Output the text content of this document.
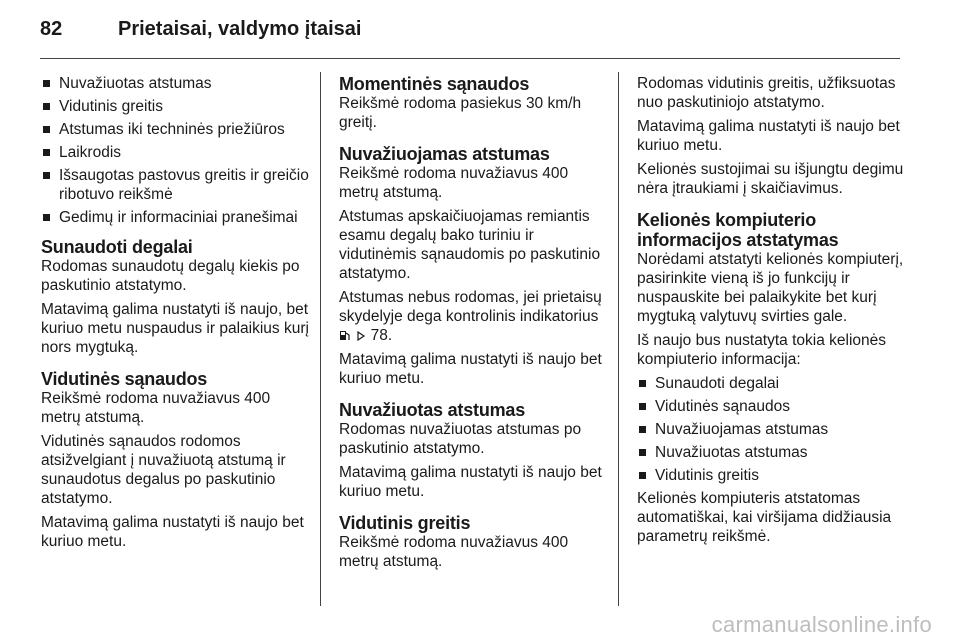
82	Prietaisai, valdymo įtaisai
Nuvažiuotas atstumas
Vidutinis greitis
Atstumas iki techninės priežiūros
Laikrodis
Išsaugotas pastovus greitis ir greičio ribotuvo reikšmė
Gedimų ir informaciniai pranešimai
Sunaudoti degalai

Rodomas sunaudotų degalų kiekis po paskutinio atstatymo.

Matavimą galima nustatyti iš naujo, bet kuriuo metu nuspaudus ir palaikius kurį nors mygtuką.

Vidutinės sąnaudos

Reikšmė rodoma nuvažiavus 400 metrų atstumą.

Vidutinės sąnaudos rodomos atsižvelgiant į nuvažiuotą atstumą ir sunaudotus degalus po paskutinio atstatymo.

Matavimą galima nustatyti iš naujo bet kuriuo metu.

Momentinės sąnaudos

Reikšmė rodoma pasiekus 30 km/h greitį.

Nuvažiuojamas atstumas

Reikšmė rodoma nuvažiavus 400 metrų atstumą.

Atstumas apskaičiuojamas remiantis esamu degalų bako turiniu ir vidutinėmis sąnaudomis po paskutinio atstatymo.

Atstumas nebus rodomas, jei prietaisų skydelyje dega kontrolinis indikatorius   78.

Matavimą galima nustatyti iš naujo bet kuriuo metu.

Nuvažiuotas atstumas

Rodomas nuvažiuotas atstumas po paskutinio atstatymo.

Matavimą galima nustatyti iš naujo bet kuriuo metu.

Vidutinis greitis

Reikšmė rodoma nuvažiavus 400 metrų atstumą.

Rodomas vidutinis greitis, užfiksuotas nuo paskutiniojo atstatymo.

Matavimą galima nustatyti iš naujo bet kuriuo metu.

Kelionės sustojimai su išjungtu degimu nėra įtraukiami į skaičiavimus.

Kelionės kompiuterio informacijos atstatymas

Norėdami atstatyti kelionės kompiuterį, pasirinkite vieną iš jo funkcijų ir nuspauskite bei palaikykite bet kurį mygtuką valytuvų svirties gale.

Iš naujo bus nustatyta tokia kelionės kompiuterio informacija:

Sunaudoti degalai
Vidutinės sąnaudos
Nuvažiuojamas atstumas
Nuvažiuotas atstumas
Vidutinis greitis

Kelionės kompiuteris atstatomas automatiškai, kai viršijama didžiausia parametrų reikšmė.

carmanualsonline.info
